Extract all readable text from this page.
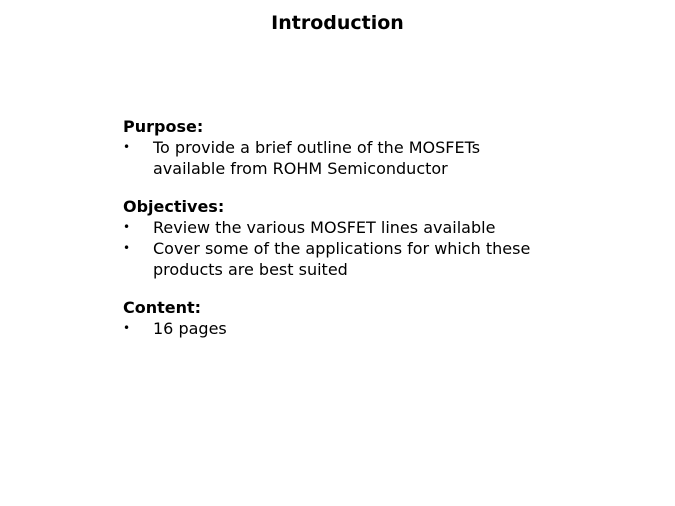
Introduction
Purpose:
• To provide a brief outline of the MOSFETs available from ROHM Semiconductor
Objectives:
• Review the various MOSFET lines available
• Cover some of the applications for which these products are best suited
Content:
• 16 pages
